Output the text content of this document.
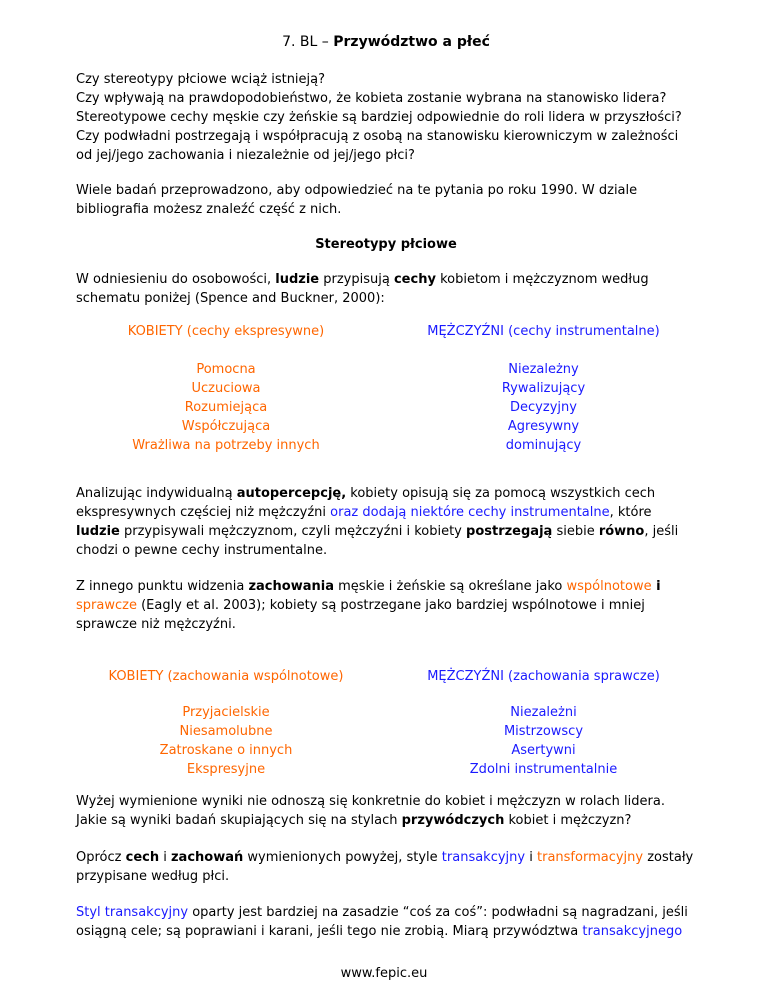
7. BL – Przywództwo a płeć
Czy stereotypy płciowe wciąż istnieją?
Czy wpływają na prawdopodobieństwo, że kobieta zostanie wybrana na stanowisko lidera?
Stereotypowe cechy męskie czy żeńskie są bardziej odpowiednie do roli lidera w przyszłości?
Czy podwładni postrzegają i współpracują z osobą na stanowisku kierowniczym w zależności od jej/jego zachowania i niezależnie od jej/jego płci?

Wiele badań przeprowadzono, aby odpowiedzieć na te pytania po roku 1990. W dziale bibliografia możesz znaleźć część z nich.

Stereotypy płciowe

W odniesieniu do osobowości, ludzie przypisują cechy kobietom i mężczyznom według schematu poniżej (Spence and Buckner, 2000):

KOBIETY (cechy ekspresywne)	MĘŻCZYŹNI (cechy instrumentalne)
Pomocna
Uczuciowa
Rozumiejąca
Współczująca
Wrażliwa na potrzeby innych
Niezależny
Rywalizujący
Decyzyjny
Agresywny
dominujący

Analizując indywidualną autopercepcję, kobiety opisują się za pomocą wszystkich cech ekspresywnych częściej niż mężczyźni oraz dodają niektóre cechy instrumentalne, które ludzie przypisywali mężczyznom, czyli mężczyźni i kobiety postrzegają siebie równo, jeśli chodzi o pewne cechy instrumentalne.

Z innego punktu widzenia zachowania męskie i żeńskie są określane jako wspólnotowe i sprawcze (Eagly et al. 2003); kobiety są postrzegane jako bardziej wspólnotowe i mniej sprawcze niż mężczyźni.

KOBIETY (zachowania wspólnotowe)	MĘŻCZYŹNI (zachowania sprawcze)
Przyjacielskie
Niesamolubne
Zatroskane o innych
Ekspresyjne
Niezależni
Mistrzowscy
Asertywni
Zdolni instrumentalnie

Wyżej wymienione wyniki nie odnoszą się konkretnie do kobiet i mężczyzn w rolach lidera. Jakie są wyniki badań skupiających się na stylach przywódczych kobiet i mężczyzn?

Oprócz cech i zachowań wymienionych powyżej, style transakcyjny i transformacyjny zostały przypisane według płci.

Styl transakcyjny oparty jest bardziej na zasadzie “coś za coś”: podwładni są nagradzani, jeśli osiągną cele; są poprawiani i karani, jeśli tego nie zrobią. Miarą przywództwa transakcyjnego

www.fepic.eu
